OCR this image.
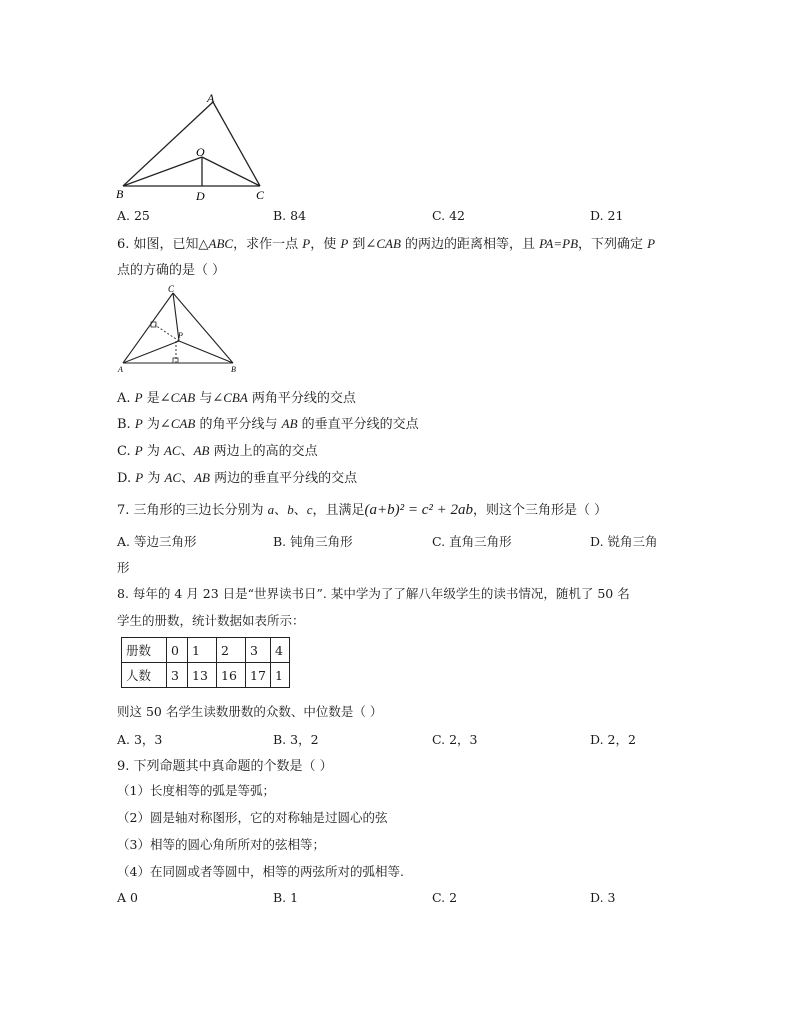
A
O
B	D	C
A. 25	B. 84	C. 42	D. 21
6. 如图，已知△ABC，求作一点 P，使 P 到∠CAB 的两边的距离相等，且 PA=PB，下列确定 P
点的方确的是（ ）
C
P
A	B
A. P 是∠CAB 与∠CBA 两角平分线的交点
B. P 为∠CAB 的角平分线与 AB 的垂直平分线的交点
C. P 为 AC、AB 两边上的高的交点
D. P 为 AC、AB 两边的垂直平分线的交点
7. 三角形的三边长分别为 a、b、c，且满足(a+b)² = c² + 2ab，则这个三角形是（ ）
A. 等边三角形	B. 钝角三角形	C. 直角三角形	D. 锐角三角
形
8. 每年的 4 月 23 日是“世界读书日”. 某中学为了了解八年级学生的读书情况，随机了 50 名
学生的册数，统计数据如表所示：
册数	0	1	2	3	4
人数	3	13	16	17	1
则这 50 名学生读数册数的众数、中位数是（ ）
A. 3，3	B. 3，2	C. 2，3	D. 2，2
9. 下列命题其中真命题的个数是（ ）
（1）长度相等的弧是等弧；
（2）圆是轴对称图形，它的对称轴是过圆心的弦
（3）相等的圆心角所所对的弦相等；
（4）在同圆或者等圆中，相等的两弦所对的弧相等.
A 0	B. 1	C. 2	D. 3
